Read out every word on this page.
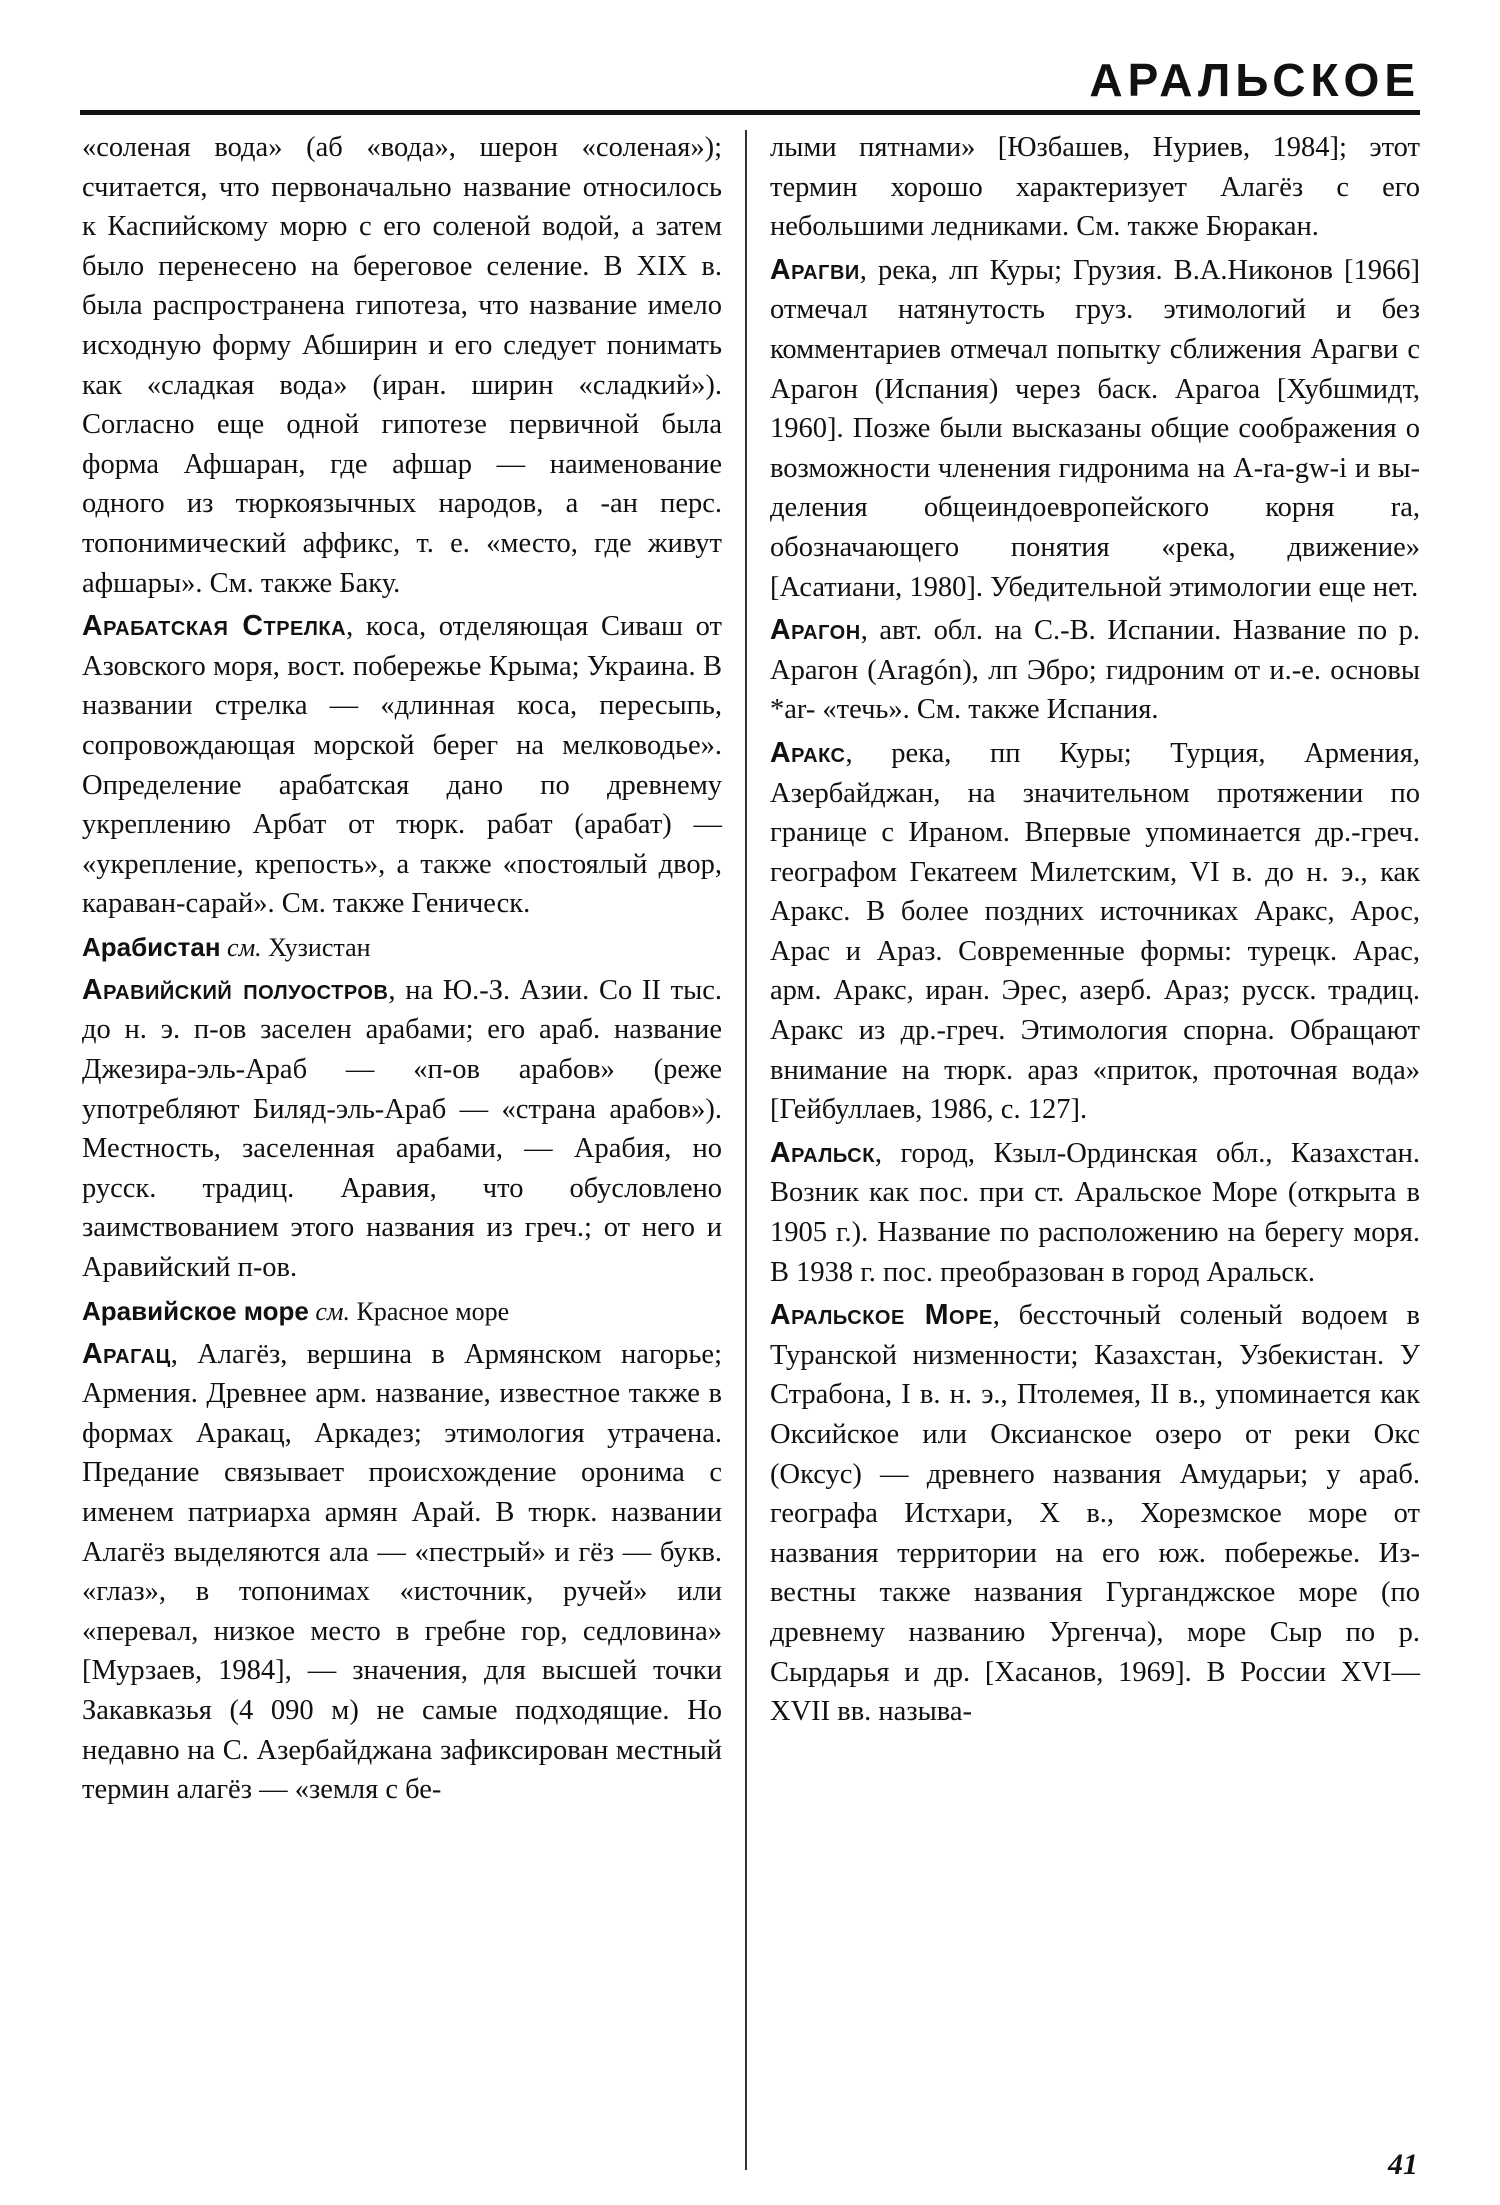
АРАЛЬСКОЕ

«соленая вода» (аб «вода», шерон «соленая»); считается, что первоначально название относилось к Каспийскому морю с его соленой водой, а затем было перенесено на береговое селение. В XIX в. была распространена гипотеза, что название имело исходную форму Абширин и его следует понимать как «сладкая вода» (иран. ширин «сладкий»). Согласно еще одной гипотезе первичной была форма Афшаран, где афшар — наименование одного из тюркоязычных народов, а -ан перс. топонимический аффикс, т. е. «место, где живут афшары». См. также Баку.

Арабатская Стрелка, коса, отделяющая Сиваш от Азовского моря, вост. побережье Крыма; Украина. В названии стрелка — «длинная коса, пересыпь, сопровождающая морской берег на мелководье». Определение арабатская дано по древнему укреплению Арбат от тюрк. рабат (арабат) — «укрепление, крепость», а также «постоялый двор, караван-сарай». См. также Геническ.

Арабистан см. Хузистан

Аравийский полуостров, на Ю.-З. Азии. Со II тыс. до н. э. п-ов заселен арабами; его араб. название Джезира-эль-Араб — «п-ов арабов» (реже употребляют Биляд-эль-Араб — «страна арабов»). Местность, заселенная арабами, — Арабия, но русск. традиц. Аравия, что обусловлено заимствованием этого названия из греч.; от него и Аравийский п-ов.

Аравийское море см. Красное море

Арагац, Алагёз, вершина в Армянском нагорье; Армения. Древнее арм. название, известное также в формах Аракац, Аркадез; этимология утрачена. Предание связывает происхождение оронима с именем патриарха армян Арай. В тюрк. названии Алагёз выделяются ала — «пестрый» и гёз — букв. «глаз», в топонимах «источник, ручей» или «перевал, низкое место в гребне гор, седловина» [Мурзаев, 1984], — значения, для высшей точки Закавказья (4 090 м) не самые подходящие. Но недавно на С. Азербайджана зафиксирован местный термин алагёз — «земля с бе-

лыми пятнами» [Юзбашев, Нуриев, 1984]; этот термин хорошо характеризует Алагёз с его небольшими ледниками. См. также Бюракан.

Арагви, река, лп Куры; Грузия. В.А.Никонов [1966] отмечал натянутость груз. этимологий и без комментариев отмечал попытку сближения Арагви с Арагон (Испания) через баск. Арагоа [Хубшмидт, 1960]. Позже были высказаны общие соображения о возможности членения гидронима на A-ra-gw-i и выделения общеиндоевропейского корня rа, обозначающего понятия «река, движение» [Асатиани, 1980]. Убедительной этимологии еще нет.

Арагон, авт. обл. на С.-В. Испании. Название по р. Арагон (Aragón), лп Эбро; гидроним от и.-е. основы *ar- «течь». См. также Испания.

Аракс, река, пп Куры; Турция, Армения, Азербайджан, на значительном протяжении по границе с Ираном. Впервые упоминается др.-греч. географом Гекатеем Милетским, VI в. до н. э., как Аракс. В более поздних источниках Аракс, Арос, Арас и Араз. Современные формы: турецк. Арас, арм. Аракс, иран. Эрес, азерб. Араз; русск. традиц. Аракс из др.-греч. Этимология спорна. Обращают внимание на тюрк. араз «приток, проточная вода» [Гейбуллаев, 1986, с. 127].

Аральск, город, Кзыл-Ординская обл., Казахстан. Возник как пос. при ст. Аральское Море (открыта в 1905 г.). Название по расположению на берегу моря. В 1938 г. пос. преобразован в город Аральск.

Аральское Море, бессточный соленый водоем в Туранской низменности; Казахстан, Узбекистан. У Страбона, I в. н. э., Птолемея, II в., упоминается как Оксийское или Оксианское озеро от реки Окс (Оксус) — древнего названия Амударьи; у араб. географа Истхари, X в., Хорезмское море от названия территории на его юж. побережье. Известны также названия Гурганджское море (по древнему названию Ургенча), море Сыр по р. Сырдарья и др. [Хасанов, 1969]. В России XVI—XVII вв. называ-

41
